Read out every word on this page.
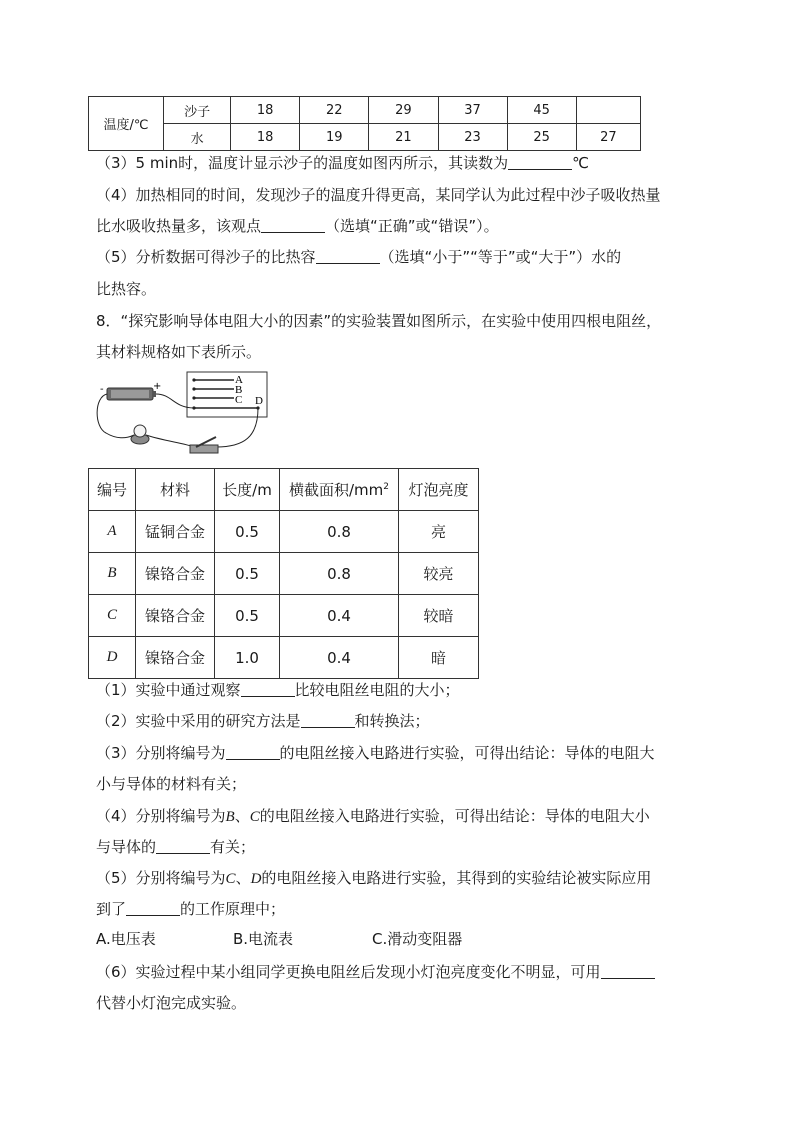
温度/℃	沙子	18	22	29	37	45	
	水	18	19	21	23	25	27
（3）5 min时，温度计显示沙子的温度如图丙所示，其读数为	℃
（4）加热相同的时间，发现沙子的温度升得更高，某同学认为此过程中沙子吸收热量
比水吸收热量多，该观点	（选填“正确”或“错误”）。
（5）分析数据可得沙子的比热容	（选填“小于”“等于”或“大于”）水的
比热容。
8．“探究影响导体电阻大小的因素”的实验装置如图所示，在实验中使用四根电阻丝，
其材料规格如下表所示。
A
B
C D
-	+
编号	材料	长度/m	横截面积$/mm^2$	灯泡亮度
A	锰铜合金	0.5	0.8	亮
B	镍铬合金	0.5	0.8	较亮
C	镍铬合金	0.5	0.4	较暗
D	镍铬合金	1.0	0.4	暗
（1）实验中通过观察	比较电阻丝电阻的大小；
（2）实验中采用的研究方法是	和转换法；
（3）分别将编号为	的电阻丝接入电路进行实验，可得出结论：导体的电阻大
小与导体的材料有关；
（4）分别将编号为B、C的电阻丝接入电路进行实验，可得出结论：导体的电阻大小
与导体的	有关；
（5）分别将编号为C、D的电阻丝接入电路进行实验，其得到的实验结论被实际应用
到了	的工作原理中；
A.电压表	B.电流表	C.滑动变阻器
（6）实验过程中某小组同学更换电阻丝后发现小灯泡亮度变化不明显，可用
代替小灯泡完成实验。
